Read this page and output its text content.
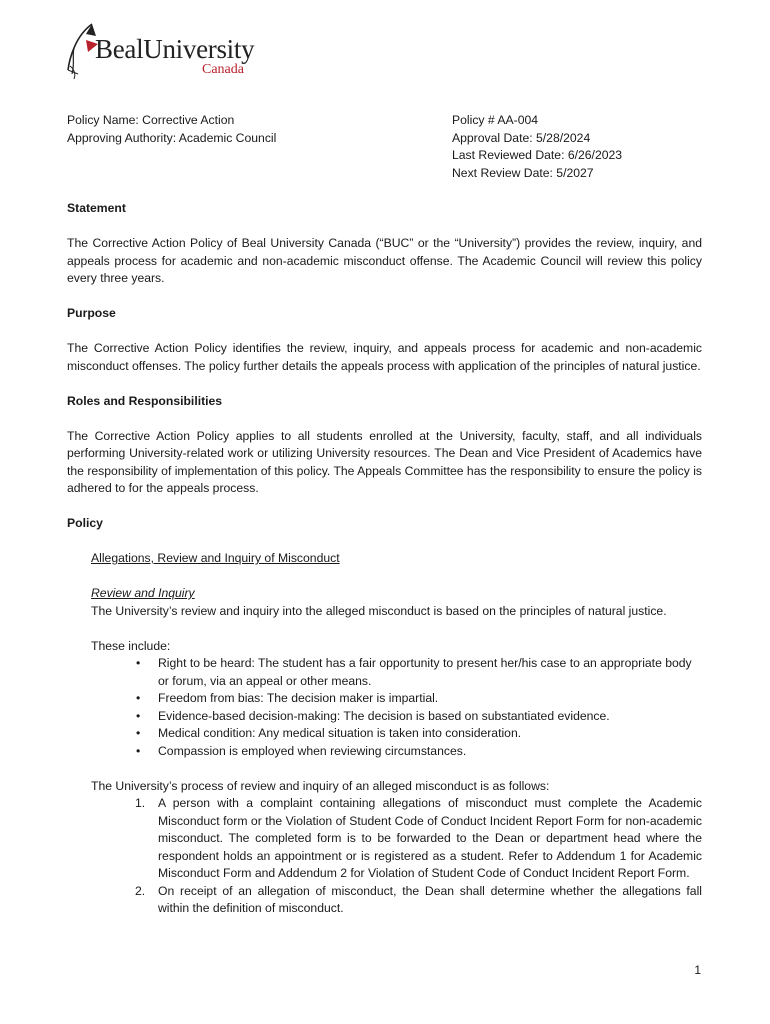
BealUniversity
Canada
Policy Name: Corrective Action
Approving Authority: Academic Council
Policy # AA-004
Approval Date: 5/28/2024
Last Reviewed Date: 6/26/2023
Next Review Date: 5/2027
Statement
The Corrective Action Policy of Beal University Canada (“BUC” or the “University”) provides the review, inquiry, and appeals process for academic and non-academic misconduct offense. The Academic Council will review this policy every three years.
Purpose
The Corrective Action Policy identifies the review, inquiry, and appeals process for academic and non-academic misconduct offenses. The policy further details the appeals process with application of the principles of natural justice.
Roles and Responsibilities
The Corrective Action Policy applies to all students enrolled at the University, faculty, staff, and all individuals performing University-related work or utilizing University resources. The Dean and Vice President of Academics have the responsibility of implementation of this policy. The Appeals Committee has the responsibility to ensure the policy is adhered to for the appeals process.
Policy
Allegations, Review and Inquiry of Misconduct
Review and Inquiry
The University’s review and inquiry into the alleged misconduct is based on the principles of natural justice.
These include:
• Right to be heard: The student has a fair opportunity to present her/his case to an appropriate body or forum, via an appeal or other means.
• Freedom from bias: The decision maker is impartial.
• Evidence-based decision-making: The decision is based on substantiated evidence.
• Medical condition: Any medical situation is taken into consideration.
• Compassion is employed when reviewing circumstances.
The University’s process of review and inquiry of an alleged misconduct is as follows:
1. A person with a complaint containing allegations of misconduct must complete the Academic Misconduct form or the Violation of Student Code of Conduct Incident Report Form for non-academic misconduct. The completed form is to be forwarded to the Dean or department head where the respondent holds an appointment or is registered as a student. Refer to Addendum 1 for Academic Misconduct Form and Addendum 2 for Violation of Student Code of Conduct Incident Report Form.
2. On receipt of an allegation of misconduct, the Dean shall determine whether the allegations fall within the definition of misconduct.
1
